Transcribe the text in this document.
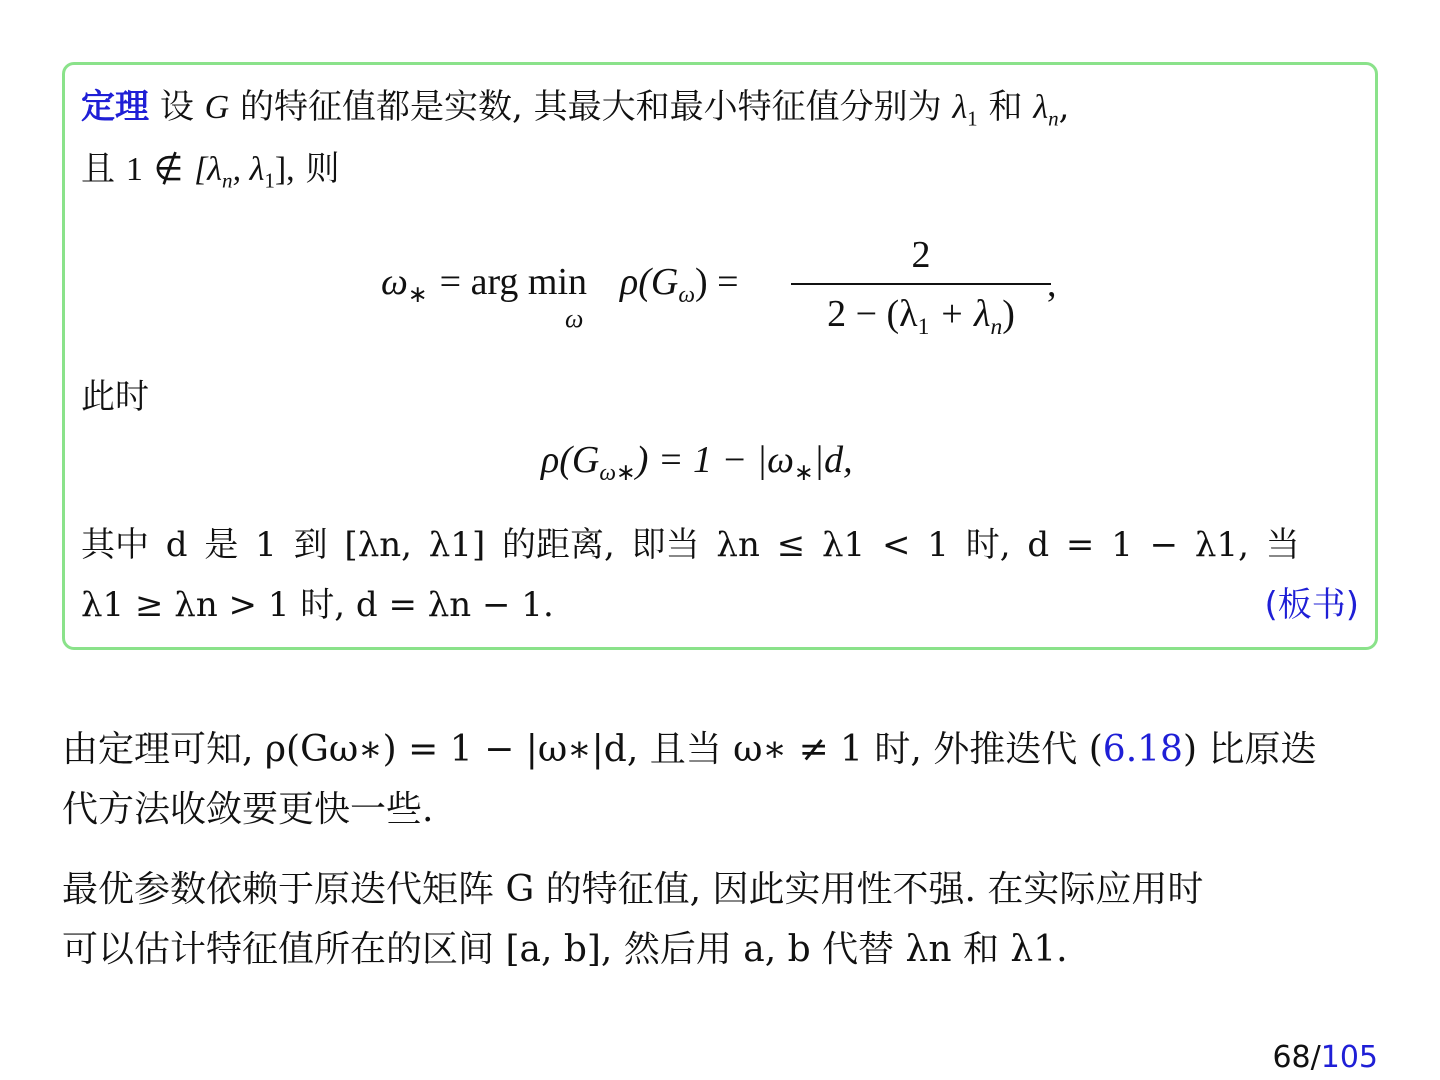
定理 设 G 的特征值都是实数, 其最大和最小特征值分别为 $\lambda_1$ 和 $\lambda_n$,
且 1 ∉ [$\lambda_n$, $\lambda_1$], 则
$\omega_∗$ = arg min
ω
$\rho(G_\omega)$ =
2
$2 - (\lambda_1 + \lambda_n)$
,
此时
$\rho(G_{\omega∗}) = 1 - |\omega_∗|d$,
其中 d 是 1 到 [λn, λ1] 的距离, 即当 λn ≤ λ1 < 1 时, d = 1 − λ1, 当
λ1 ≥ λn > 1 时, d = λn − 1.	(板书)
由定理可知, ρ(Gω∗) = 1 − |ω∗|d, 且当 ω∗ ≠ 1 时, 外推迭代 (6.18) 比原迭
代方法收敛要更快一些.
最优参数依赖于原迭代矩阵 G 的特征值, 因此实用性不强. 在实际应用时
可以估计特征值所在的区间 [a, b], 然后用 a, b 代替 λn 和 λ1.
68/105
